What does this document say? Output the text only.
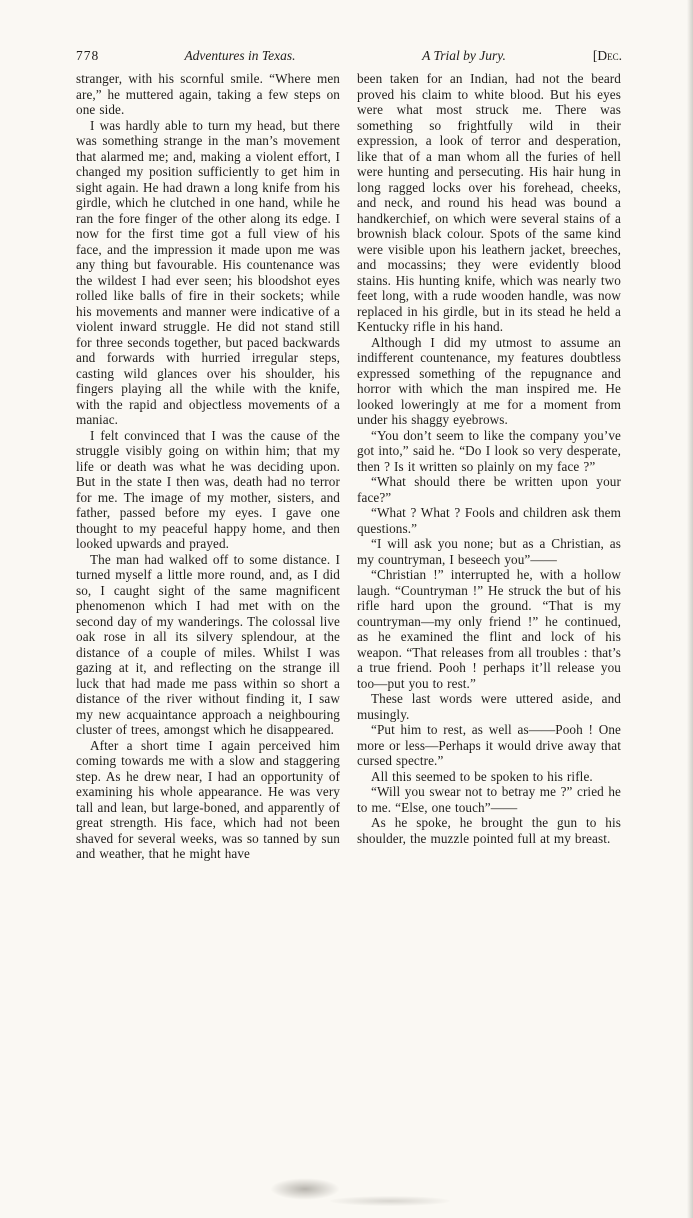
778	Adventures in Texas.	A Trial by Jury.	[Dec.

stranger, with his scornful smile. “Where men are,” he muttered again, taking a few steps on one side.

I was hardly able to turn my head, but there was something strange in the man’s movement that alarmed me; and, making a violent effort, I changed my position sufficiently to get him in sight again. He had drawn a long knife from his girdle, which he clutched in one hand, while he ran the fore finger of the other along its edge. I now for the first time got a full view of his face, and the impression it made upon me was any thing but favourable. His countenance was the wildest I had ever seen; his bloodshot eyes rolled like balls of fire in their sockets; while his movements and manner were indicative of a violent inward struggle. He did not stand still for three seconds together, but paced backwards and forwards with hurried irregular steps, casting wild glances over his shoulder, his fingers playing all the while with the knife, with the rapid and objectless movements of a maniac.

I felt convinced that I was the cause of the struggle visibly going on within him; that my life or death was what he was deciding upon. But in the state I then was, death had no terror for me. The image of my mother, sisters, and father, passed before my eyes. I gave one thought to my peaceful happy home, and then looked upwards and prayed.

The man had walked off to some distance. I turned myself a little more round, and, as I did so, I caught sight of the same magnificent phenomenon which I had met with on the second day of my wanderings. The colossal live oak rose in all its silvery splendour, at the distance of a couple of miles. Whilst I was gazing at it, and reflecting on the strange ill luck that had made me pass within so short a distance of the river without finding it, I saw my new acquaintance approach a neighbouring cluster of trees, amongst which he disappeared.

After a short time I again perceived him coming towards me with a slow and staggering step. As he drew near, I had an opportunity of examining his whole appearance. He was very tall and lean, but large-boned, and apparently of great strength. His face, which had not been shaved for several weeks, was so tanned by sun and weather, that he might have

been taken for an Indian, had not the beard proved his claim to white blood. But his eyes were what most struck me. There was something so frightfully wild in their expression, a look of terror and desperation, like that of a man whom all the furies of hell were hunting and persecuting. His hair hung in long ragged locks over his forehead, cheeks, and neck, and round his head was bound a handkerchief, on which were several stains of a brownish black colour. Spots of the same kind were visible upon his leathern jacket, breeches, and mocassins; they were evidently blood stains. His hunting knife, which was nearly two feet long, with a rude wooden handle, was now replaced in his girdle, but in its stead he held a Kentucky rifle in his hand.

Although I did my utmost to assume an indifferent countenance, my features doubtless expressed something of the repugnance and horror with which the man inspired me. He looked loweringly at me for a moment from under his shaggy eyebrows.

“You don’t seem to like the company you’ve got into,” said he. “Do I look so very desperate, then ? Is it written so plainly on my face ?”

“What should there be written upon your face?”

“What ? What ? Fools and children ask them questions.”

“I will ask you none; but as a Christian, as my countryman, I beseech you”——

“Christian !” interrupted he, with a hollow laugh. “Countryman !” He struck the but of his rifle hard upon the ground. “That is my countryman—my only friend !” he continued, as he examined the flint and lock of his weapon. “That releases from all troubles : that’s a true friend. Pooh ! perhaps it’ll release you too—put you to rest.”

These last words were uttered aside, and musingly.

“Put him to rest, as well as——Pooh ! One more or less—Perhaps it would drive away that cursed spectre.”

All this seemed to be spoken to his rifle.

“Will you swear not to betray me ?” cried he to me. “Else, one touch”——

As he spoke, he brought the gun to his shoulder, the muzzle pointed full at my breast.
